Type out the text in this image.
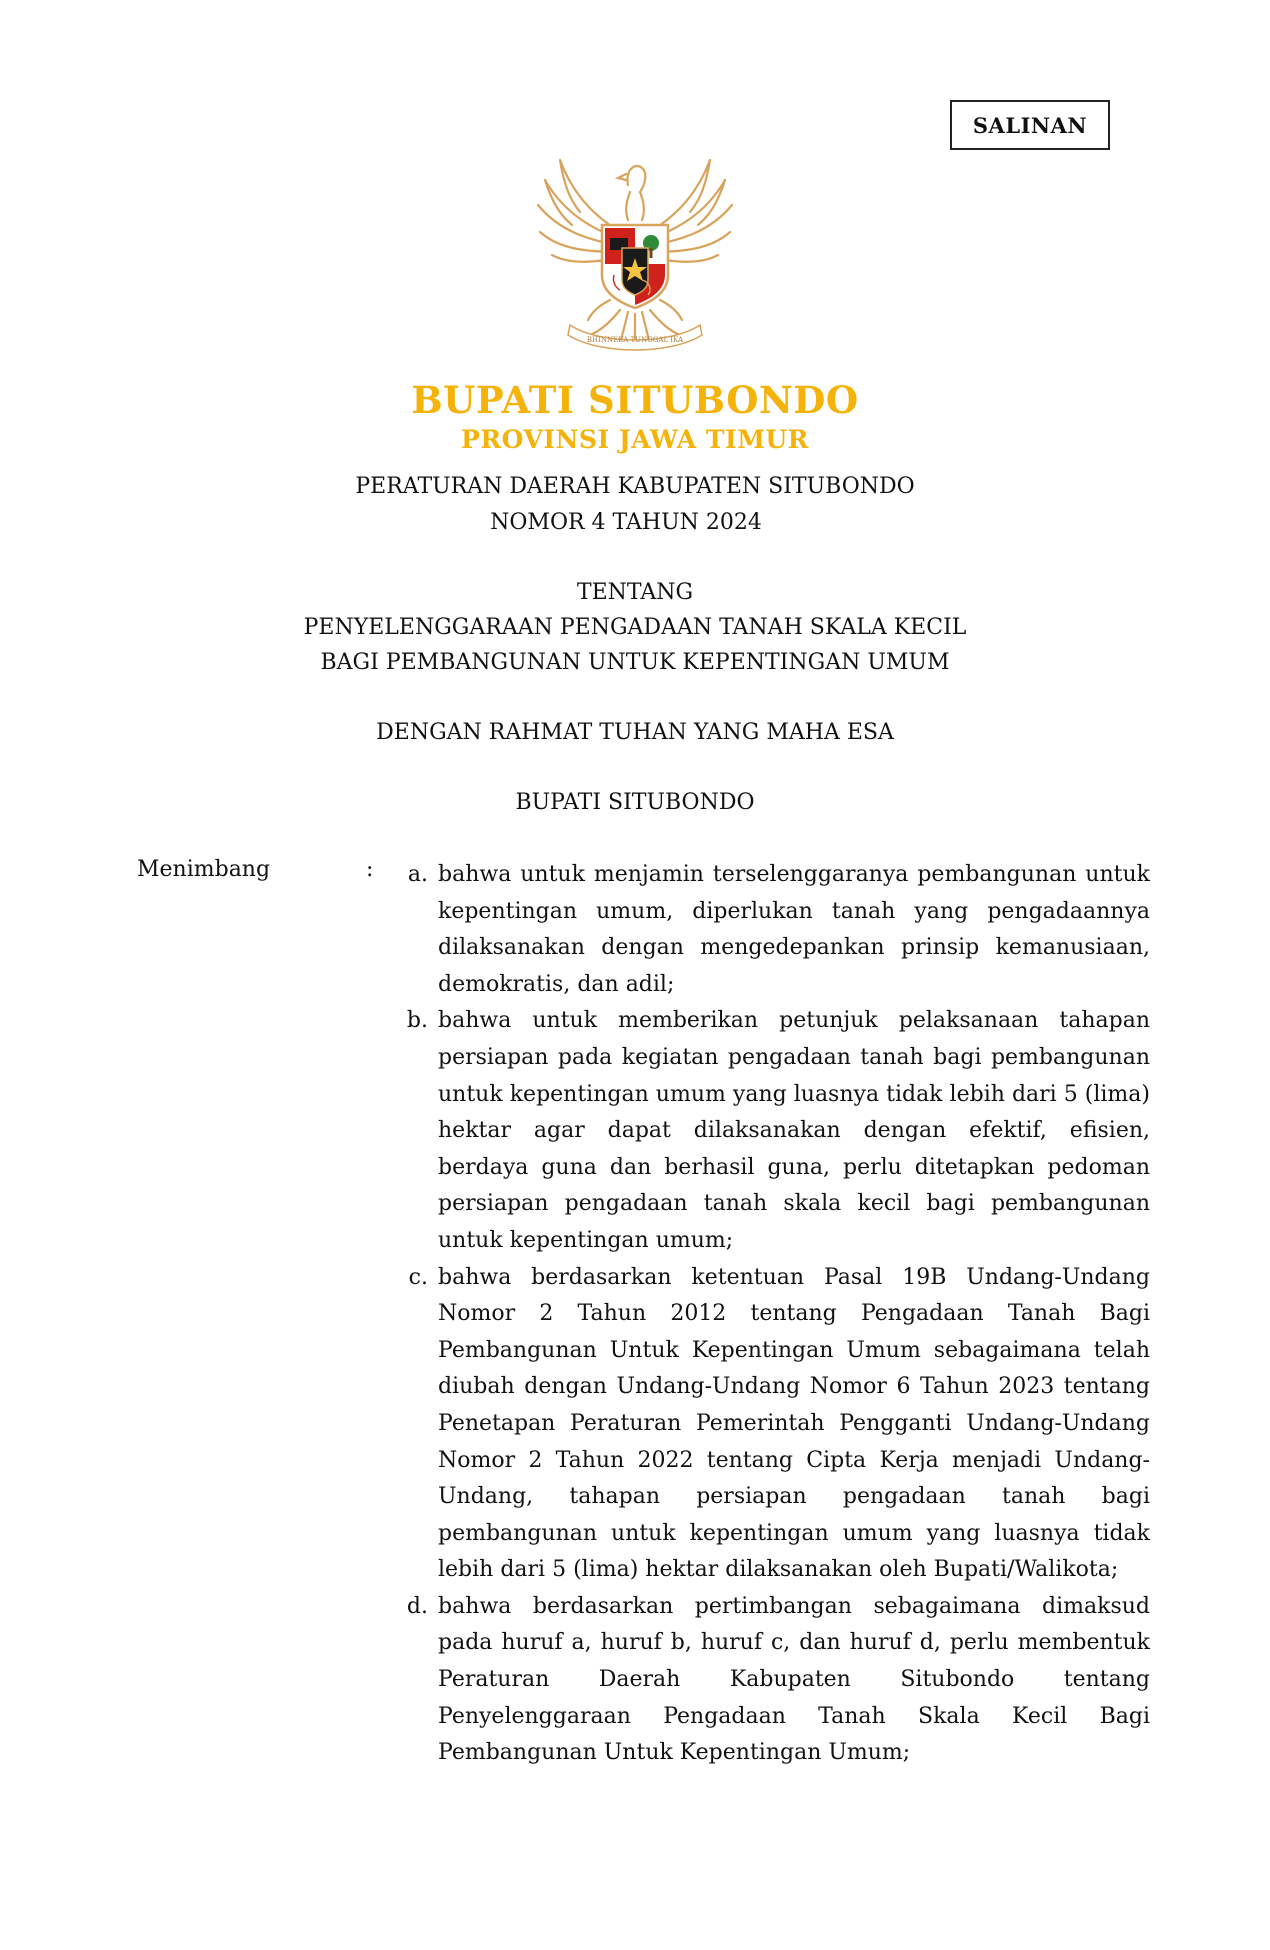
SALINAN
BHINNEKA TUNGGAL IKA
BUPATI SITUBONDO
PROVINSI JAWA TIMUR
PERATURAN DAERAH KABUPATEN SITUBONDO
NOMOR 4 TAHUN 2024
TENTANG
PENYELENGGARAAN PENGADAAN TANAH SKALA KECIL
BAGI PEMBANGUNAN UNTUK KEPENTINGAN UMUM
DENGAN RAHMAT TUHAN YANG MAHA ESA
BUPATI SITUBONDO
Menimbang	:	a. bahwa untuk menjamin terselenggaranya pembangunan untuk kepentingan umum, diperlukan tanah yang pengadaannya dilaksanakan dengan mengedepankan prinsip kemanusiaan, demokratis, dan adil;
b. bahwa untuk memberikan petunjuk pelaksanaan tahapan persiapan pada kegiatan pengadaan tanah bagi pembangunan untuk kepentingan umum yang luasnya tidak lebih dari 5 (lima) hektar agar dapat dilaksanakan dengan efektif, efisien, berdaya guna dan berhasil guna, perlu ditetapkan pedoman persiapan pengadaan tanah skala kecil bagi pembangunan untuk kepentingan umum;
c. bahwa berdasarkan ketentuan Pasal 19B Undang-Undang Nomor 2 Tahun 2012 tentang Pengadaan Tanah Bagi Pembangunan Untuk Kepentingan Umum sebagaimana telah diubah dengan Undang-Undang Nomor 6 Tahun 2023 tentang Penetapan Peraturan Pemerintah Pengganti Undang-Undang Nomor 2 Tahun 2022 tentang Cipta Kerja menjadi Undang-Undang, tahapan persiapan pengadaan tanah bagi pembangunan untuk kepentingan umum yang luasnya tidak lebih dari 5 (lima) hektar dilaksanakan oleh Bupati/Walikota;
d. bahwa berdasarkan pertimbangan sebagaimana dimaksud pada huruf a, huruf b, huruf c, dan huruf d, perlu membentuk Peraturan Daerah Kabupaten Situbondo tentang Penyelenggaraan Pengadaan Tanah Skala Kecil Bagi Pembangunan Untuk Kepentingan Umum;
